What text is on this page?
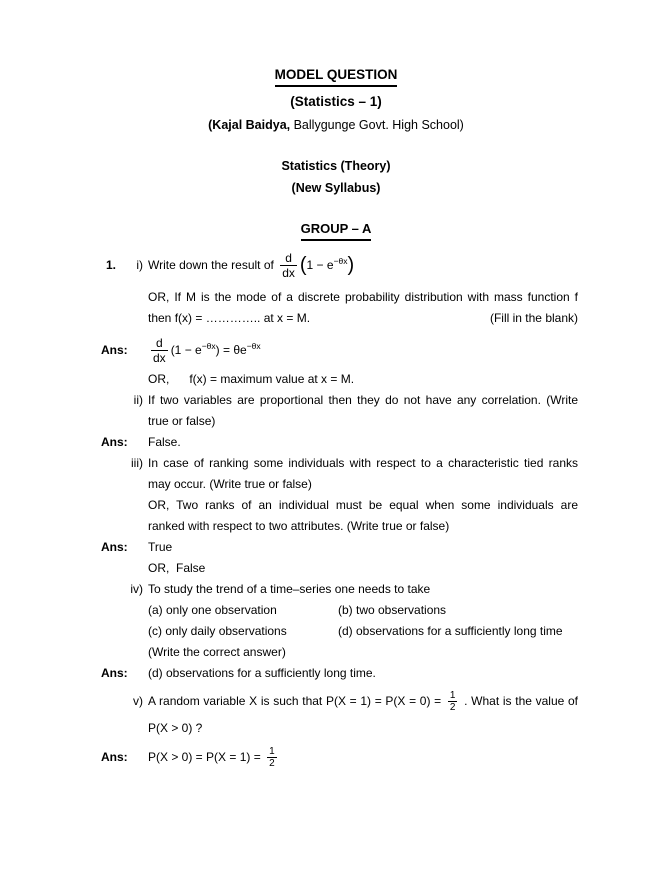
MODEL QUESTION
(Statistics – 1)
(Kajal Baidya, Ballygunge Govt. High School)
Statistics (Theory)
(New Syllabus)
GROUP – A
1. i) Write down the result of $\frac{d}{dx} (1 - e^{-\theta x})$
OR, If M is the mode of a discrete probability distribution with mass function f
then f(x) = ………….. at x = M.	(Fill in the blank)
Ans: $\frac{d}{dx} (1 - e^{-\theta x}) = \theta e^{-\theta x}$
OR,      f(x) = maximum value at x = M.
ii) If two variables are proportional then they do not have any correlation. (Write
true or false)
Ans: False.
iii) In case of ranking some individuals with respect to a characteristic tied ranks
may occur. (Write true or false)
OR, Two ranks of an individual must be equal when some individuals are
ranked with respect to two attributes. (Write true or false)
Ans: True
OR,  False
iv) To study the trend of a time–series one needs to take
(a) only one observation	(b) two observations
(c) only daily observations	(d) observations for a sufficiently long time
(Write the correct answer)
Ans: (d) observations for a sufficiently long time.
v) A random variable X is such that $P(X = 1) = P(X = 0) = \frac{1}{2}$ . What is the value of
P(X > 0) ?
Ans: $P(X > 0) = P(X = 1) = \frac{1}{2}$
